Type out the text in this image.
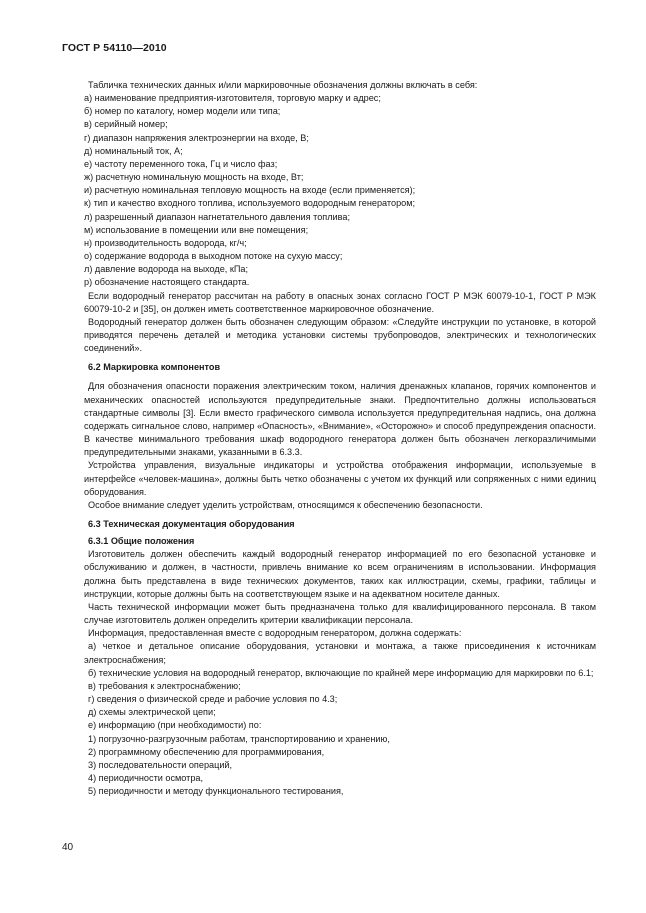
ГОСТ Р 54110—2010

Табличка технических данных и/или маркировочные обозначения должны включать в себя:

а) наименование предприятия-изготовителя, торговую марку и адрес;

б) номер по каталогу, номер модели или типа;

в) серийный номер;

г) диапазон напряжения электроэнергии на входе, В;

д) номинальный ток, А;

е) частоту переменного тока, Гц и число фаз;

ж) расчетную номинальную мощность на входе, Вт;

и) расчетную номинальная тепловую мощность на входе (если применяется);

к) тип и качество входного топлива, используемого водородным генератором;

л) разрешенный диапазон нагнетательного давления топлива;

м) использование в помещении или вне помещения;

н) производительность водорода, кг/ч;

о) содержание водорода в выходном потоке на сухую массу;

л) давление водорода на выходе, кПа;

р) обозначение настоящего стандарта.

Если водородный генератор рассчитан на работу в опасных зонах согласно ГОСТ Р МЭК 60079-10-1, ГОСТ Р МЭК 60079-10-2 и [35], он должен иметь соответственное маркировочное обозначение.

Водородный генератор должен быть обозначен следующим образом: «Следуйте инструкции по установке, в которой приводятся перечень деталей и методика установки системы трубопроводов, электрических и технологических соединений».

6.2 Маркировка компонентов

Для обозначения опасности поражения электрическим током, наличия дренажных клапанов, горячих компонентов и механических опасностей используются предупредительные знаки. Предпочтительно должны использоваться стандартные символы [3]. Если вместо графического символа используется предупредительная надпись, она должна содержать сигнальное слово, например «Опасность», «Внимание», «Осторожно» и способ предупреждения опасности. В качестве минимального требования шкаф водородного генератора должен быть обозначен легкоразличимыми предупредительными знаками, указанными в 6.3.3.

Устройства управления, визуальные индикаторы и устройства отображения информации, используемые в интерфейсе «человек-машина», должны быть четко обозначены с учетом их функций или сопряженных с ними единиц оборудования.

Особое внимание следует уделить устройствам, относящимся к обеспечению безопасности.

6.3 Техническая документация оборудования

6.3.1 Общие положения

Изготовитель должен обеспечить каждый водородный генератор информацией по его безопасной установке и обслуживанию и должен, в частности, привлечь внимание ко всем ограничениям в использовании. Информация должна быть представлена в виде технических документов, таких как иллюстрации, схемы, графики, таблицы и инструкции, которые должны быть на соответствующем языке и на адекватном носителе данных.

Часть технической информации может быть предназначена только для квалифицированного персонала. В таком случае изготовитель должен определить критерии квалификации персонала.

Информация, предоставленная вместе с водородным генератором, должна содержать:

а) четкое и детальное описание оборудования, установки и монтажа, а также присоединения к источникам электроснабжения;

б) технические условия на водородный генератор, включающие по крайней мере информацию для маркировки по 6.1;

в) требования к электроснабжению;

г) сведения о физической среде и рабочие условия по 4.3;

д) схемы электрической цепи;

е) информацию (при необходимости) по:

1) погрузочно-разгрузочным работам, транспортированию и хранению,

2) программному обеспечению для программирования,

3) последовательности операций,

4) периодичности осмотра,

5) периодичности и методу функционального тестирования,

40
